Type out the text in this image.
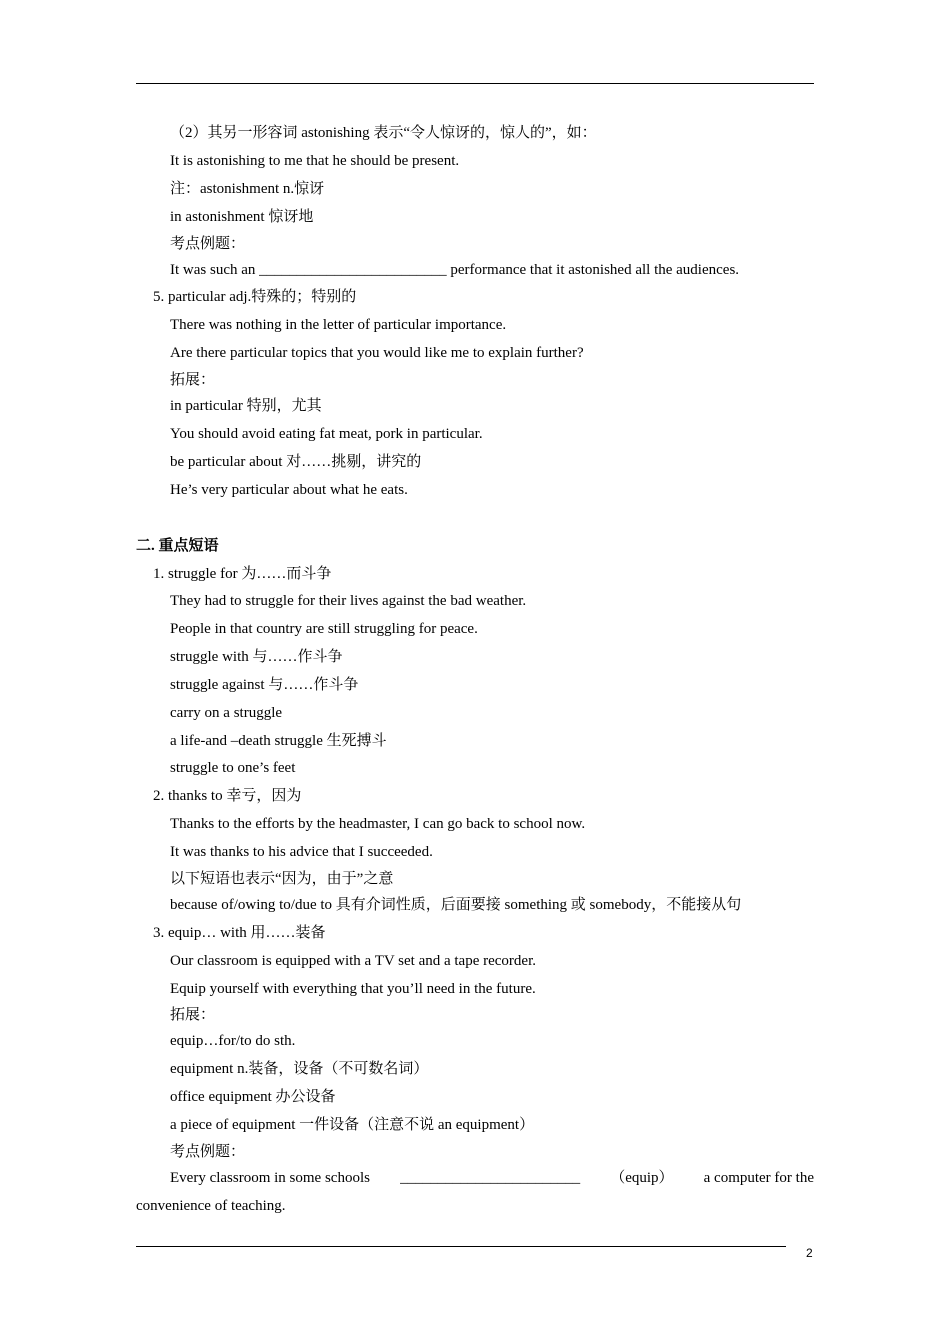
（2）其另一形容词 astonishing 表示“令人惊讶的，惊人的”，如：
It is astonishing to me that he should be present.
注：astonishment n.惊讶
in astonishment 惊讶地
考点例题：
It was such an _________________________ performance that it astonished all the audiences.
5. particular adj.特殊的；特别的
There was nothing in the letter of particular importance.
Are there particular topics that you would like me to explain further?
拓展：
in particular 特别，尤其
You should avoid eating fat meat, pork in particular.
be particular about 对……挑剔，讲究的
He’s very particular about what he eats.
二. 重点短语
1. struggle for 为……而斗争
They had to struggle for their lives against the bad weather.
People in that country are still struggling for peace.
struggle with 与……作斗争
struggle against 与……作斗争
carry on a struggle
a life-and –death struggle 生死搏斗
struggle to one’s feet
2. thanks to 幸亏，因为
Thanks to the efforts by the headmaster, I can go back to school now.
It was thanks to his advice that I succeeded.
以下短语也表示“因为，由于”之意
because of/owing to/due to 具有介词性质，后面要接 something 或 somebody，不能接从句
3. equip… with 用……装备
Our classroom is equipped with a TV set and a tape recorder.
Equip yourself with everything that you’ll need in the future.
拓展：
equip…for/to do sth.
equipment n.装备，设备（不可数名词）
office equipment 办公设备
a piece of equipment 一件设备（注意不说 an equipment）
考点例题：
Every classroom in some schools ________________________ （equip） a computer for the
convenience of teaching.
2
